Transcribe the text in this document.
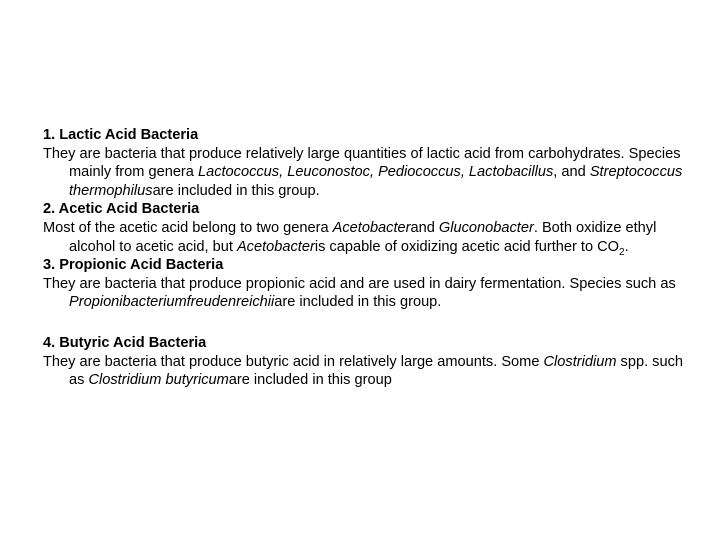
1. Lactic Acid Bacteria
They are bacteria that produce relatively large quantities of lactic acid from carbohydrates. Species mainly from genera Lactococcus, Leuconostoc, Pediococcus, Lactobacillus, and Streptococcus thermophilusare included in this group.
2. Acetic Acid Bacteria
Most of the acetic acid belong to two genera Acetobacterand Gluconobacter. Both oxidize ethyl alcohol to acetic acid, but Acetobacteris capable of oxidizing acetic acid further to $CO_2$.
3. Propionic Acid Bacteria
They are bacteria that produce propionic acid and are used in dairy fermentation. Species such as Propionibacteriumfreudenreichiiare included in this group.
4. Butyric Acid Bacteria
They are bacteria that produce butyric acid in relatively large amounts. Some Clostridium spp. such as Clostridium butyricumare included in this group
